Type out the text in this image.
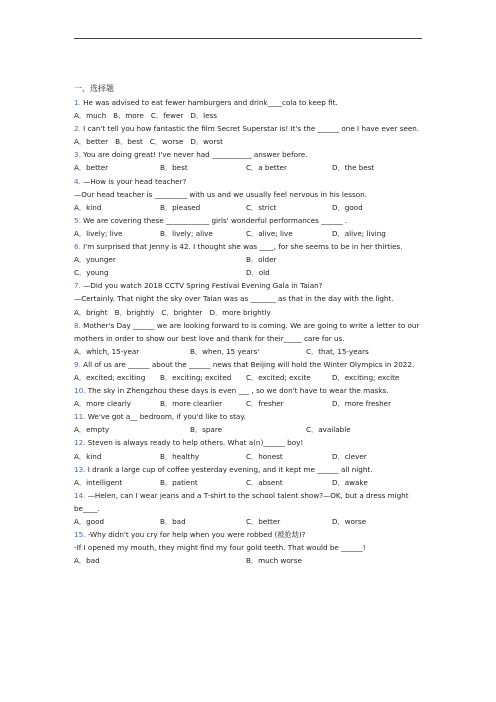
一、选择题
1. He was advised to eat fewer hamburgers and drink____cola to keep fit.
A．much B．more C．fewer D．less
2. I can't tell you how fantastic the film Secret Superstar is! It's the ______ one I have ever seen.
A．better B．best C．worse D．worst
3. You are doing great! I've never had ___________ answer before.
A．better	B．best	C．a better	D．the best
4. —How is your head teacher?
—Our head teacher is _________ with us and we usually feel nervous in his lesson.
A．kind	B．pleased	C．strict	D．good
5. We are covering these ____________ girls' wonderful performances ______ .
A．lively; live	B．lively; alive	C．alive; live	D．alive; living
6. I'm surprised that Jenny is 42. I thought she was ____, for she seems to be in her thirties.
A．younger	B．older
C．young	D．old
7. —Did you watch 2018 CCTV Spring Festival Evening Gala in Taian?
—Certainly. That night the sky over Taian was as _______ as that in the day with the light.
A．bright B．brightly C．brighter D．more brightly
8. Mother's Day ______ we are looking forward to is coming. We are going to write a letter to our mothers in order to show our best love and thank for their_____ care for us.
A．which, 15-year	B．when, 15 years'	C．that, 15-years
9. All of us are ______ about the ______ news that Beijing will hold the Winter Olympics in 2022.
A．excited; exciting	B．exciting; excited	C．excited; excite	D．exciting; excite
10. The sky in Zhengzhou these days is even ___ , so we don't have to wear the masks.
A．more clearly	B．more clearlier	C．fresher	D．more fresher
11. We've got a__ bedroom, if you'd like to stay.
A．empty	B．spare	C．available
12. Steven is always ready to help others. What a(n)______ boy!
A．kind	B．healthy	C．honest	D．clever
13. I drank a large cup of coffee yesterday evening, and it kept me ______ all night.
A．intelligent	B．patient	C．absent	D．awake
14. —Helen, can I wear jeans and a T-shirt to the school talent show?—OK, but a dress might be____.
A．good	B．bad	C．better	D．worse
15. -Why didn't you cry for help when you were robbed (被抢劫)?
-If I opened my mouth, they might find my four gold teeth. That would be ______!
A．bad	B．much worse
